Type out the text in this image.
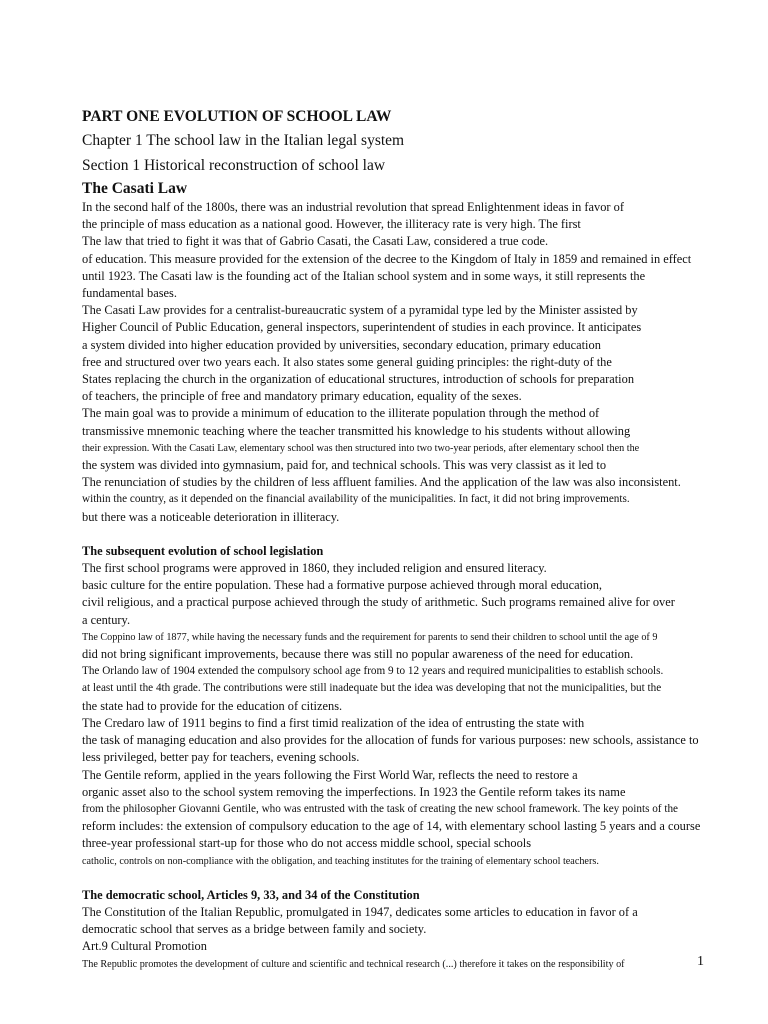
PART ONE EVOLUTION OF SCHOOL LAW
Chapter 1 The school law in the Italian legal system
Section 1 Historical reconstruction of school law
The Casati Law
In the second half of the 1800s, there was an industrial revolution that spread Enlightenment ideas in favor of
the principle of mass education as a national good. However, the illiteracy rate is very high. The first
The law that tried to fight it was that of Gabrio Casati, the Casati Law, considered a true code.
of education. This measure provided for the extension of the decree to the Kingdom of Italy in 1859 and remained in effect
until 1923. The Casati law is the founding act of the Italian school system and in some ways, it still represents the
fundamental bases.
The Casati Law provides for a centralist-bureaucratic system of a pyramidal type led by the Minister assisted by
Higher Council of Public Education, general inspectors, superintendent of studies in each province. It anticipates
a system divided into higher education provided by universities, secondary education, primary education
free and structured over two years each. It also states some general guiding principles: the right-duty of the
States replacing the church in the organization of educational structures, introduction of schools for preparation
of teachers, the principle of free and mandatory primary education, equality of the sexes.
The main goal was to provide a minimum of education to the illiterate population through the method of
transmissive mnemonic teaching where the teacher transmitted his knowledge to his students without allowing
their expression. With the Casati Law, elementary school was then structured into two two-year periods, after elementary school then the
the system was divided into gymnasium, paid for, and technical schools. This was very classist as it led to
The renunciation of studies by the children of less affluent families. And the application of the law was also inconsistent.
within the country, as it depended on the financial availability of the municipalities. In fact, it did not bring improvements.
but there was a noticeable deterioration in illiteracy.
The subsequent evolution of school legislation
The first school programs were approved in 1860, they included religion and ensured literacy.
basic culture for the entire population. These had a formative purpose achieved through moral education,
civil religious, and a practical purpose achieved through the study of arithmetic. Such programs remained alive for over
a century.
The Coppino law of 1877, while having the necessary funds and the requirement for parents to send their children to school until the age of 9
did not bring significant improvements, because there was still no popular awareness of the need for education.
The Orlando law of 1904 extended the compulsory school age from 9 to 12 years and required municipalities to establish schools.
at least until the 4th grade. The contributions were still inadequate but the idea was developing that not the municipalities, but the
the state had to provide for the education of citizens.
The Credaro law of 1911 begins to find a first timid realization of the idea of entrusting the state with
the task of managing education and also provides for the allocation of funds for various purposes: new schools, assistance to
less privileged, better pay for teachers, evening schools.
The Gentile reform, applied in the years following the First World War, reflects the need to restore a
organic asset also to the school system removing the imperfections. In 1923 the Gentile reform takes its name
from the philosopher Giovanni Gentile, who was entrusted with the task of creating the new school framework. The key points of the
reform includes: the extension of compulsory education to the age of 14, with elementary school lasting 5 years and a course
three-year professional start-up for those who do not access middle school, special schools
catholic, controls on non-compliance with the obligation, and teaching institutes for the training of elementary school teachers.
The democratic school, Articles 9, 33, and 34 of the Constitution
The Constitution of the Italian Republic, promulgated in 1947, dedicates some articles to education in favor of a
democratic school that serves as a bridge between family and society.
Art.9 Cultural Promotion
The Republic promotes the development of culture and scientific and technical research (...) therefore it takes on the responsibility of	1
